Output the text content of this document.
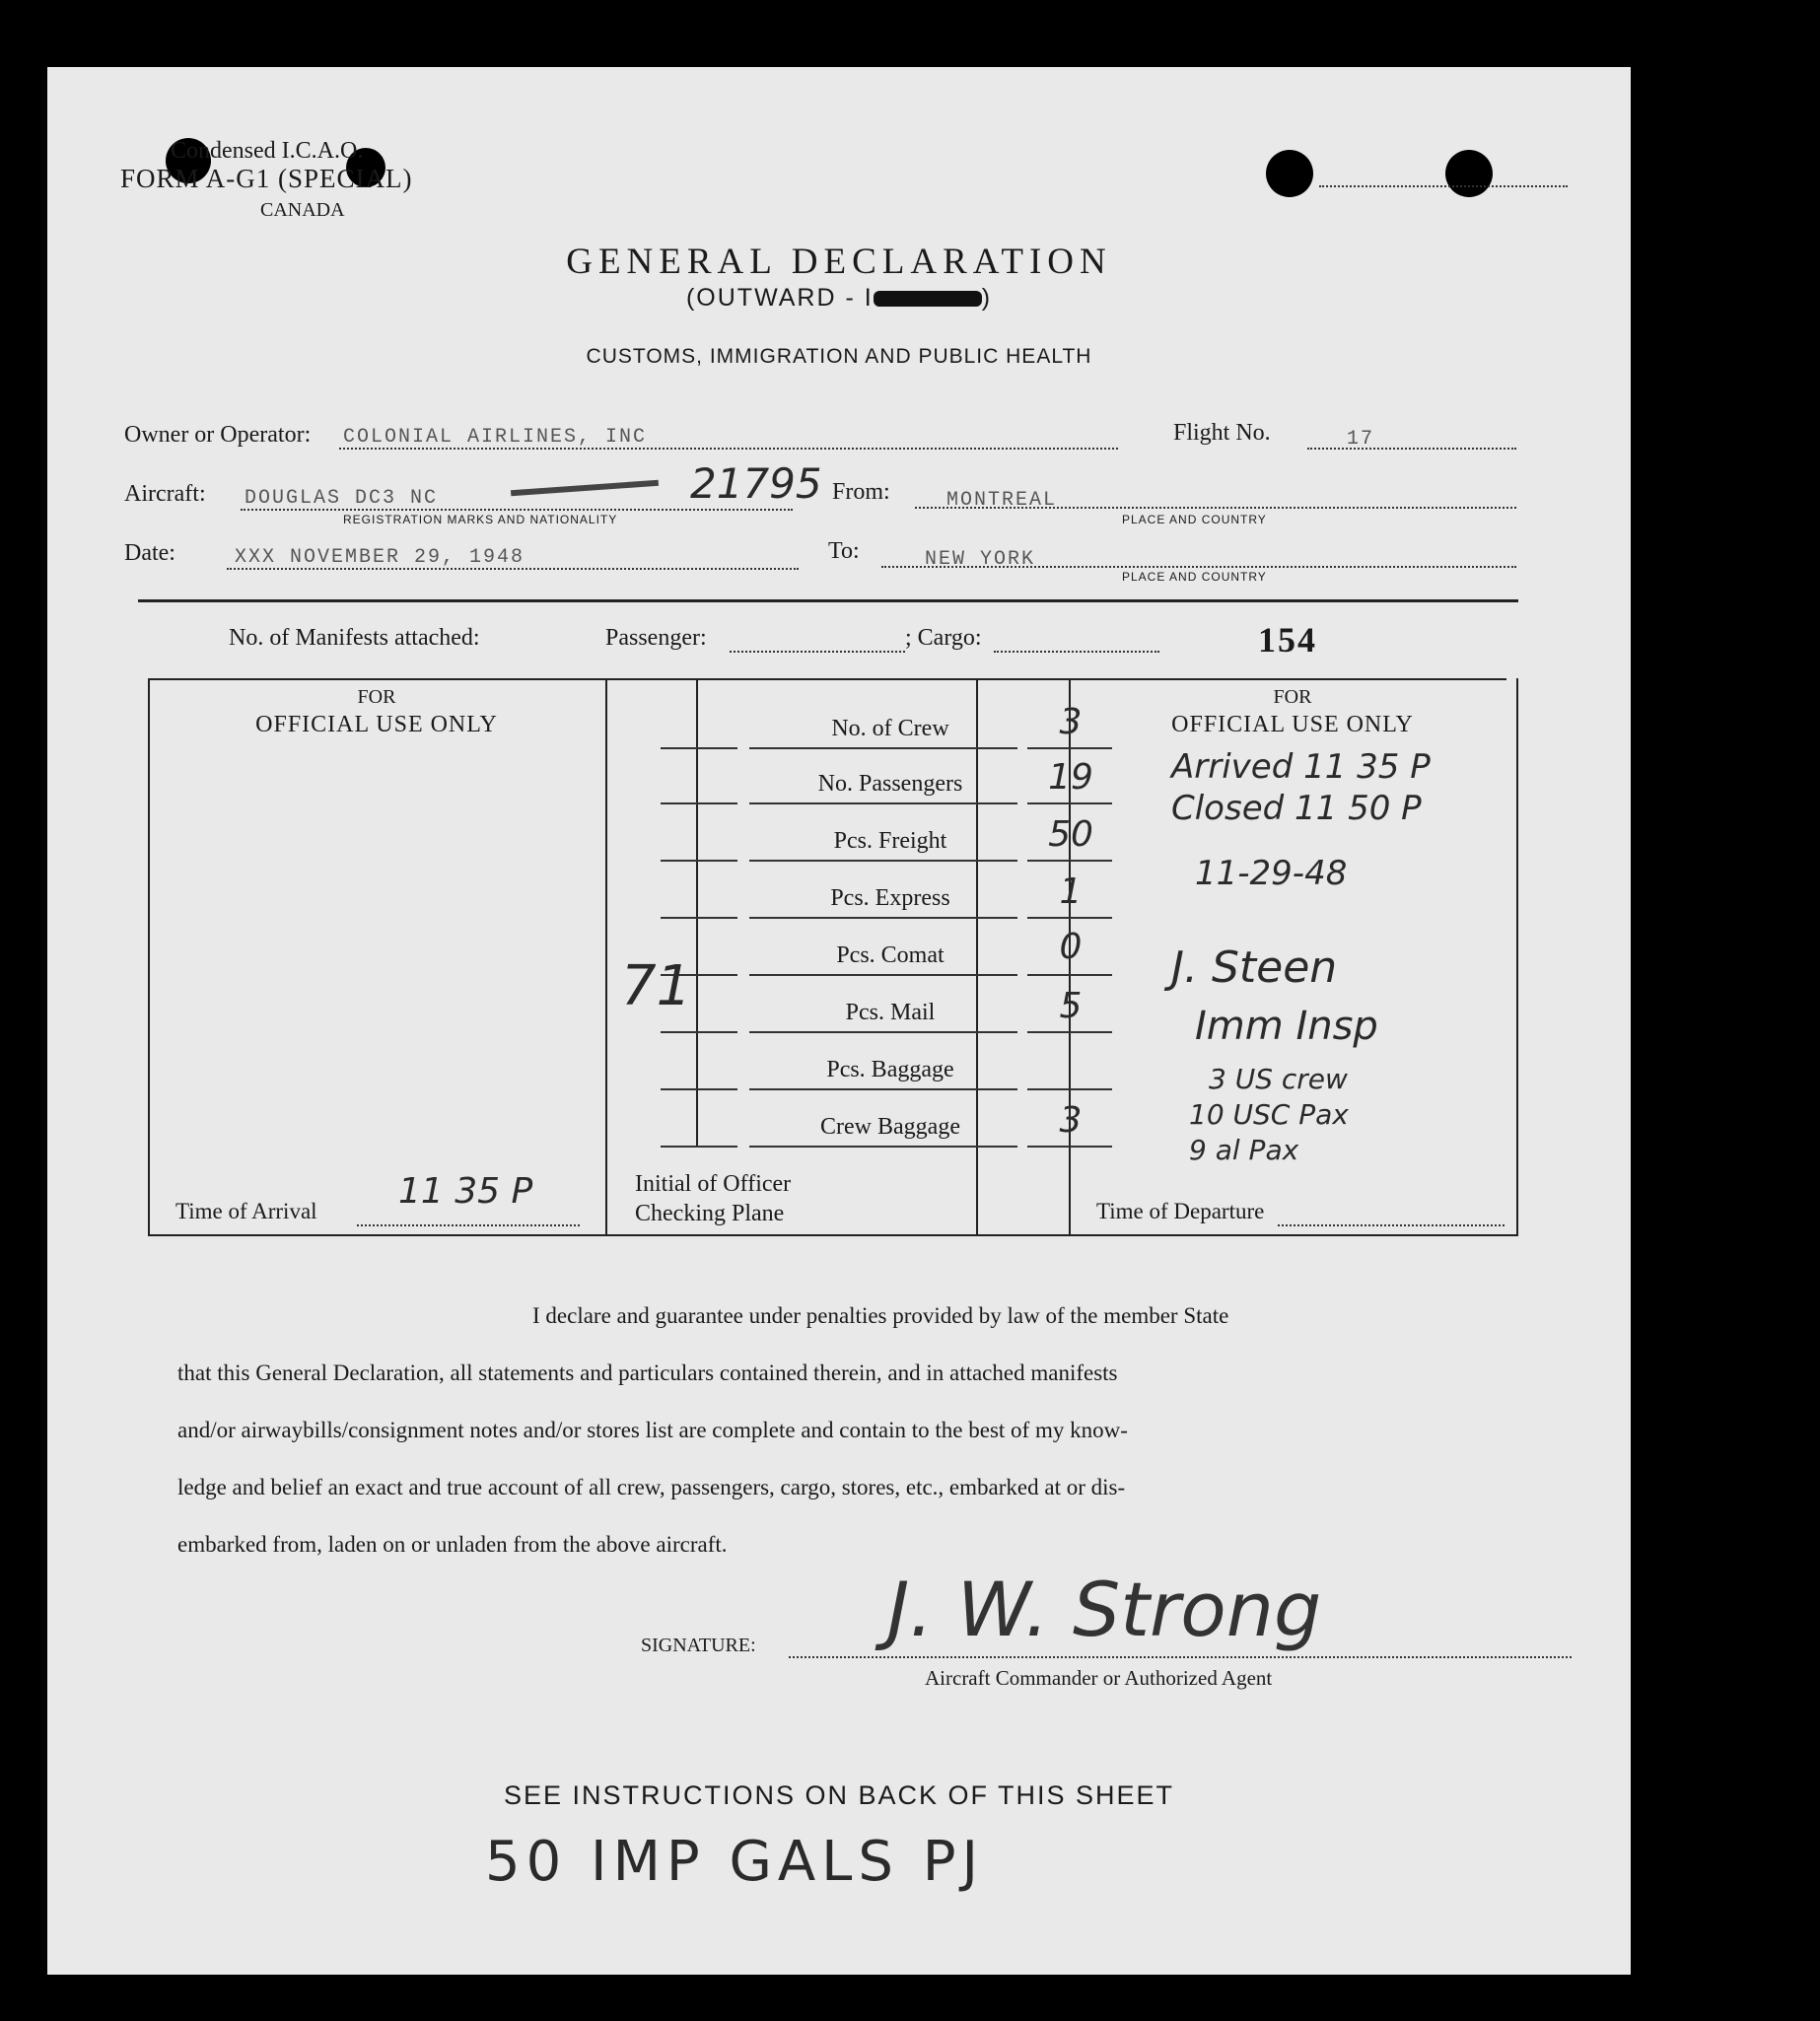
Condensed I.C.A.O.
FORM A-G1 (SPECIAL)
CANADA
GENERAL DECLARATION
(OUTWARD - I	)
CUSTOMS, IMMIGRATION AND PUBLIC HEALTH
Owner or Operator: COLONIAL AIRLINES, INC	Flight No.	17
Aircraft: DOUGLAS DC3 NC	21795
REGISTRATION MARKS AND NATIONALITY
From:	MONTREAL
PLACE AND COUNTRY
Date:	XXX NOVEMBER 29, 1948	To:	NEW YORK
PLACE AND COUNTRY
No. of Manifests attached:	Passenger:	; Cargo:	154
FOR
OFFICIAL USE ONLY
FOR
OFFICIAL USE ONLY
No. of Crew	3
No. Passengers	19
Pcs. Freight	50
Pcs. Express	1
Pcs. Comat	0
Pcs. Mail	5
Pcs. Baggage
Crew Baggage	3
71
Time of Arrival 11 35 P	Initial of Officer
Checking Plane	Time of Departure
Arrived 11 35 P
Closed 11 50 P
11-29-48
J. Steen
Imm Insp
3 US crew
10 USC Pax
9 al Pax
I declare and guarantee under penalties provided by law of the member State
that this General Declaration, all statements and particulars contained therein, and in attached manifests
and/or airwaybills/consignment notes and/or stores list are complete and contain to the best of my know-
ledge and belief an exact and true account of all crew, passengers, cargo, stores, etc., embarked at or dis-
embarked from, laden on or unladen from the above aircraft.
SIGNATURE:
Aircraft Commander or Authorized Agent
J. W. Strong
SEE INSTRUCTIONS ON BACK OF THIS SHEET
50 IMP GALS PJ
